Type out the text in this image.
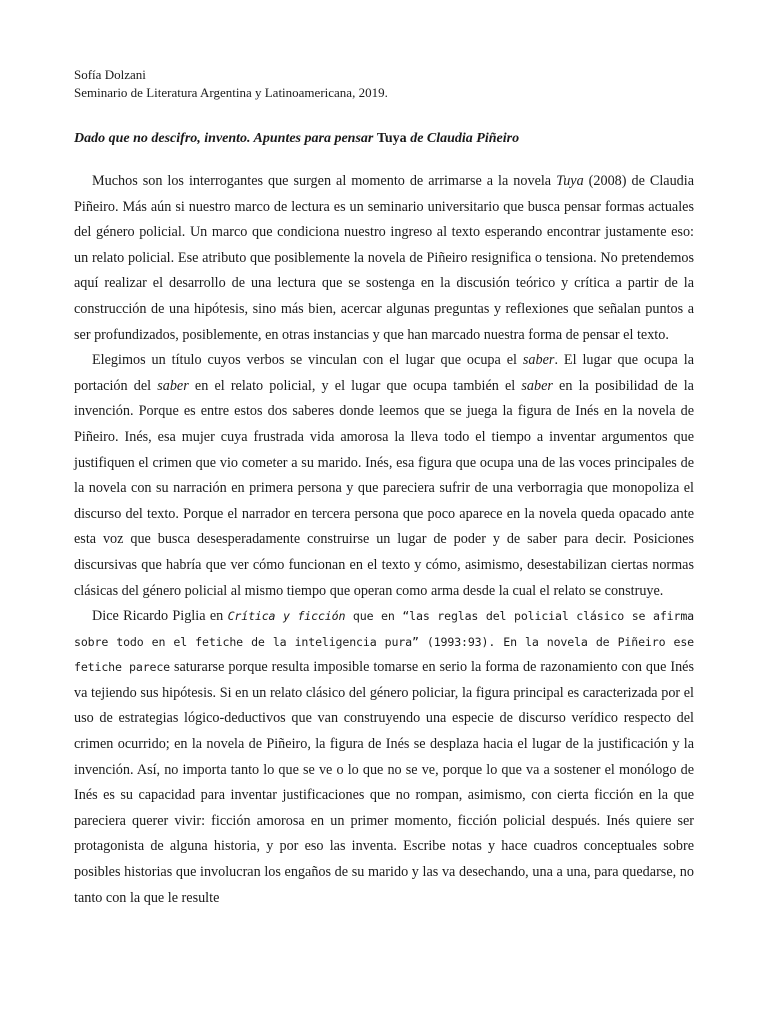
Sofía Dolzani

Seminario de Literatura Argentina y Latinoamericana, 2019.

Dado que no descifro, invento. Apuntes para pensar Tuya de Claudia Piñeiro

Muchos son los interrogantes que surgen al momento de arrimarse a la novela Tuya (2008) de Claudia Piñeiro. Más aún si nuestro marco de lectura es un seminario universitario que busca pensar formas actuales del género policial. Un marco que condiciona nuestro ingreso al texto esperando encontrar justamente eso: un relato policial. Ese atributo que posiblemente la novela de Piñeiro resignifica o tensiona. No pretendemos aquí realizar el desarrollo de una lectura que se sostenga en la discusión teórico y crítica a partir de la construcción de una hipótesis, sino más bien, acercar algunas preguntas y reflexiones que señalan puntos a ser profundizados, posiblemente, en otras instancias y que han marcado nuestra forma de pensar el texto.

Elegimos un título cuyos verbos se vinculan con el lugar que ocupa el saber. El lugar que ocupa la portación del saber en el relato policial, y el lugar que ocupa también el saber en la posibilidad de la invención. Porque es entre estos dos saberes donde leemos que se juega la figura de Inés en la novela de Piñeiro. Inés, esa mujer cuya frustrada vida amorosa la lleva todo el tiempo a inventar argumentos que justifiquen el crimen que vio cometer a su marido. Inés, esa figura que ocupa una de las voces principales de la novela con su narración en primera persona y que pareciera sufrir de una verborragia que monopoliza el discurso del texto. Porque el narrador en tercera persona que poco aparece en la novela queda opacado ante esta voz que busca desesperadamente construirse un lugar de poder y de saber para decir. Posiciones discursivas que habría que ver cómo funcionan en el texto y cómo, asimismo, desestabilizan ciertas normas clásicas del género policial al mismo tiempo que operan como arma desde la cual el relato se construye.

Dice Ricardo Piglia en Crítica y ficción que en “las reglas del policial clásico se afirma sobre todo en el fetiche de la inteligencia pura” (1993:93). En la novela de Piñeiro ese fetiche parece saturarse porque resulta imposible tomarse en serio la forma de razonamiento con que Inés va tejiendo sus hipótesis. Si en un relato clásico del género policiar, la figura principal es caracterizada por el uso de estrategias lógico-deductivos que van construyendo una especie de discurso verídico respecto del crimen ocurrido; en la novela de Piñeiro, la figura de Inés se desplaza hacia el lugar de la justificación y la invención. Así, no importa tanto lo que se ve o lo que no se ve, porque lo que va a sostener el monólogo de Inés es su capacidad para inventar justificaciones que no rompan, asimismo, con cierta ficción en la que pareciera querer vivir: ficción amorosa en un primer momento, ficción policial después. Inés quiere ser protagonista de alguna historia, y por eso las inventa. Escribe notas y hace cuadros conceptuales sobre posibles historias que involucran los engaños de su marido y las va desechando, una a una, para quedarse, no tanto con la que le resulte
